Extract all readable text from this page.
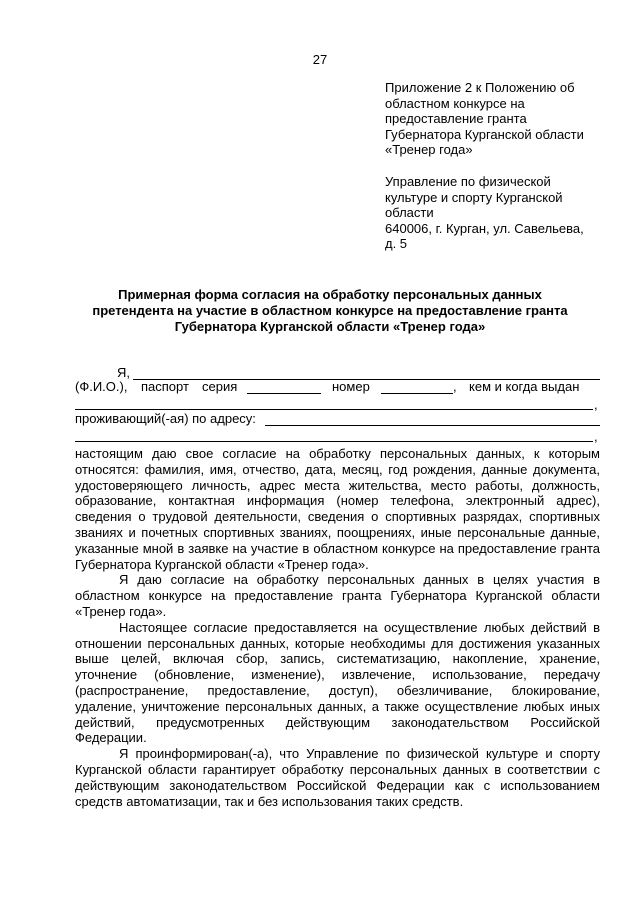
27

Приложение 2 к Положению об

областном конкурсе на

предоставление гранта

Губернатора Курганской области

«Тренер года»

Управление по физической

культуре и спорту Курганской

области

640006, г. Курган, ул. Савельева,

д. 5

Примерная форма согласия на обработку персональных данных
претендента на участие в областном конкурсе на предоставление гранта
Губернатора Курганской области «Тренер года»
Я,
(Ф.И.О.), паспорт серия	номер	, кем и когда выдан
,
проживающий(-ая) по адресу:
,

настоящим даю свое согласие на обработку персональных данных, к которым относятся: фамилия, имя, отчество, дата, месяц, год рождения, данные документа, удостоверяющего личность, адрес места жительства, место работы, должность, образование, контактная информация (номер телефона, электронный адрес), сведения о трудовой деятельности, сведения о спортивных разрядах, спортивных званиях и почетных спортивных званиях, поощрениях, иные персональные данные, указанные мной в заявке на участие в областном конкурсе на предоставление гранта Губернатора Курганской области «Тренер года».

Я даю согласие на обработку персональных данных в целях участия в областном конкурсе на предоставление гранта Губернатора Курганской области «Тренер года».

Настоящее согласие предоставляется на осуществление любых действий в отношении персональных данных, которые необходимы для достижения указанных выше целей, включая сбор, запись, систематизацию, накопление, хранение, уточнение (обновление, изменение), извлечение, использование, передачу (распространение, предоставление, доступ), обезличивание, блокирование, удаление, уничтожение персональных данных, а также осуществление любых иных действий, предусмотренных действующим законодательством Российской Федерации.

Я проинформирован(-а), что Управление по физической культуре и спорту Курганской области гарантирует обработку персональных данных в соответствии с действующим законодательством Российской Федерации как с использованием средств автоматизации, так и без использования таких средств.
